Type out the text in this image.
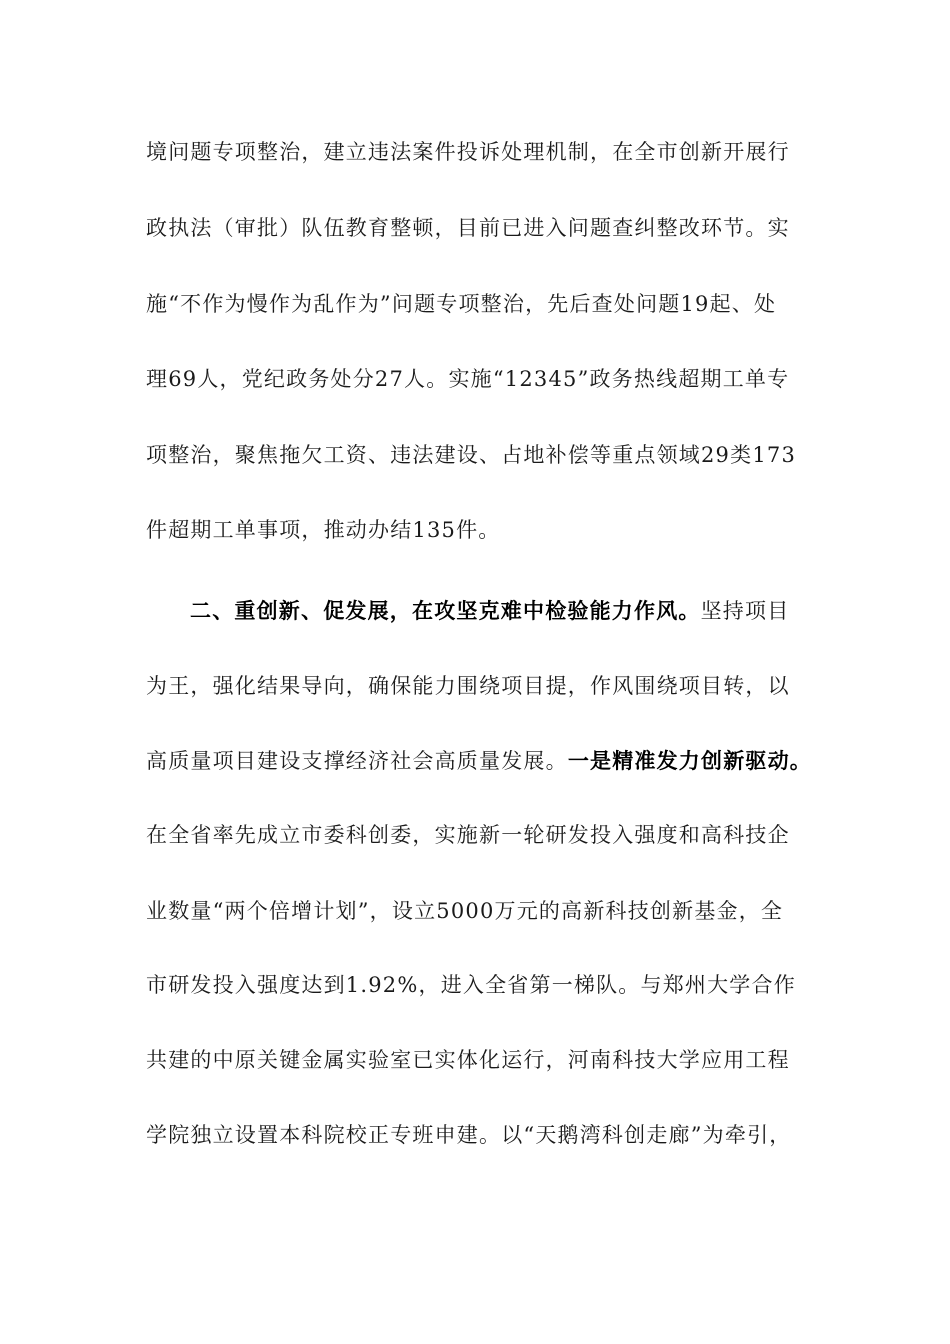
境问题专项整治，建立违法案件投诉处理机制，在全市创新开展行
政执法（审批）队伍教育整顿，目前已进入问题查纠整改环节。实
施“不作为慢作为乱作为”问题专项整治，先后查处问题19起、处
理69人，党纪政务处分27人。实施“12345”政务热线超期工单专
项整治，聚焦拖欠工资、违法建设、占地补偿等重点领域29类173
件超期工单事项，推动办结135件。
二、重创新、促发展，在攻坚克难中检验能力作风。坚持项目
为王，强化结果导向，确保能力围绕项目提，作风围绕项目转，以
高质量项目建设支撑经济社会高质量发展。一是精准发力创新驱动。
在全省率先成立市委科创委，实施新一轮研发投入强度和高科技企
业数量“两个倍增计划”，设立5000万元的高新科技创新基金，全
市研发投入强度达到1.92%，进入全省第一梯队。与郑州大学合作
共建的中原关键金属实验室已实体化运行，河南科技大学应用工程
学院独立设置本科院校正专班申建。以“天鹅湾科创走廊”为牵引，
